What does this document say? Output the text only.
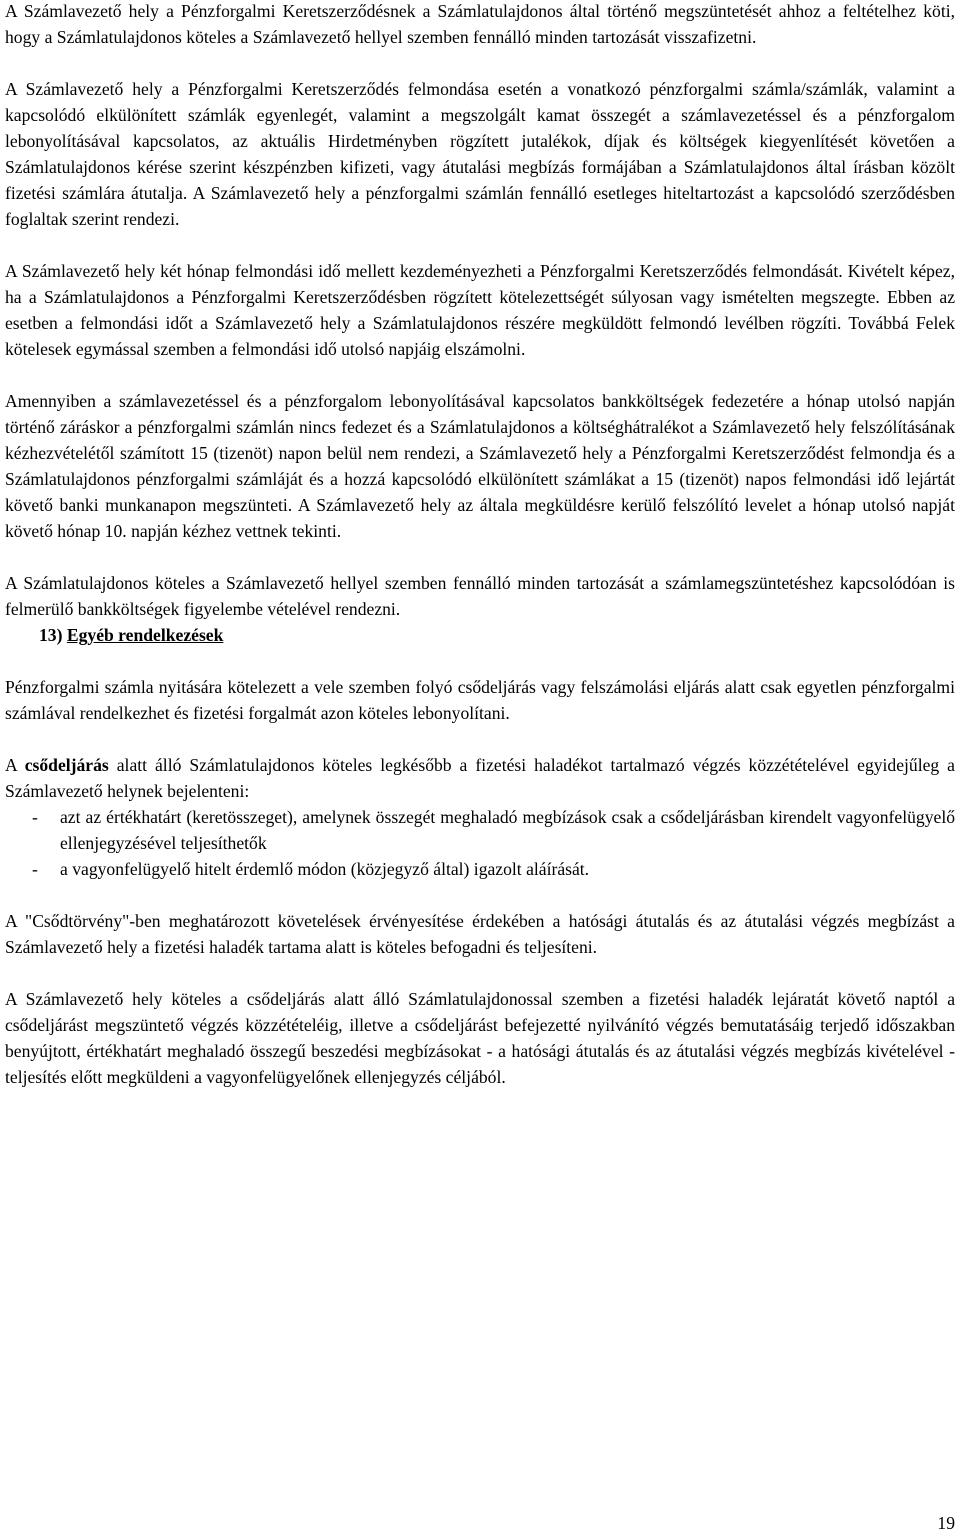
A Számlavezető hely a Pénzforgalmi Keretszerződésnek a Számlatulajdonos által történő megszüntetését ahhoz a feltételhez köti, hogy a Számlatulajdonos köteles a Számlavezető hellyel szemben fennálló minden tartozását visszafizetni.

A Számlavezető hely a Pénzforgalmi Keretszerződés felmondása esetén a vonatkozó pénzforgalmi számla/számlák, valamint a kapcsolódó elkülönített számlák egyenlegét, valamint a megszolgált kamat összegét a számlavezetéssel és a pénzforgalom lebonyolításával kapcsolatos, az aktuális Hirdetményben rögzített jutalékok, díjak és költségek kiegyenlítését követően a Számlatulajdonos kérése szerint készpénzben kifizeti, vagy átutalási megbízás formájában a Számlatulajdonos által írásban közölt fizetési számlára átutalja. A Számlavezető hely a pénzforgalmi számlán fennálló esetleges hiteltartozást a kapcsolódó szerződésben foglaltak szerint rendezi.

A Számlavezető hely két hónap felmondási idő mellett kezdeményezheti a Pénzforgalmi Keretszerződés felmondását. Kivételt képez, ha a Számlatulajdonos a Pénzforgalmi Keretszerződésben rögzített kötelezettségét súlyosan vagy ismételten megszegte. Ebben az esetben a felmondási időt a Számlavezető hely a Számlatulajdonos részére megküldött felmondó levélben rögzíti. Továbbá Felek kötelesek egymással szemben a felmondási idő utolsó napjáig elszámolni.

Amennyiben a számlavezetéssel és a pénzforgalom lebonyolításával kapcsolatos bankköltségek fedezetére a hónap utolsó napján történő záráskor a pénzforgalmi számlán nincs fedezet és a Számlatulajdonos a költséghátralékot a Számlavezető hely felszólításának kézhezvételétől számított 15 (tizenöt) napon belül nem rendezi, a Számlavezető hely a Pénzforgalmi Keretszerződést felmondja és a Számlatulajdonos pénzforgalmi számláját és a hozzá kapcsolódó elkülönített számlákat a 15 (tizenöt) napos felmondási idő lejártát követő banki munkanapon megszünteti. A Számlavezető hely az általa megküldésre kerülő felszólító levelet a hónap utolsó napját követő hónap 10. napján kézhez vettnek tekinti.

A Számlatulajdonos köteles a Számlavezető hellyel szemben fennálló minden tartozását a számlamegszüntetéshez kapcsolódóan is felmerülő bankköltségek figyelembe vételével rendezni.

13) Egyéb rendelkezések

Pénzforgalmi számla nyitására kötelezett a vele szemben folyó csődeljárás vagy felszámolási eljárás alatt csak egyetlen pénzforgalmi számlával rendelkezhet és fizetési forgalmát azon köteles lebonyolítani.

A csődeljárás alatt álló Számlatulajdonos köteles legkésőbb a fizetési haladékot tartalmazó végzés közzétételével egyidejűleg a Számlavezető helynek bejelenteni:

- azt az értékhatárt (keretösszeget), amelynek összegét meghaladó megbízások csak a csődeljárásban kirendelt vagyonfelügyelő ellenjegyzésével teljesíthetők
- a vagyonfelügyelő hitelt érdemlő módon (közjegyző által) igazolt aláírását.

A "Csődtörvény"-ben meghatározott követelések érvényesítése érdekében a hatósági átutalás és az átutalási végzés megbízást a Számlavezető hely a fizetési haladék tartama alatt is köteles befogadni és teljesíteni.

A Számlavezető hely köteles a csődeljárás alatt álló Számlatulajdonossal szemben a fizetési haladék lejáratát követő naptól a csődeljárást megszüntető végzés közzétételéig, illetve a csődeljárást befejezetté nyilvánító végzés bemutatásáig terjedő időszakban benyújtott, értékhatárt meghaladó összegű beszedési megbízásokat - a hatósági átutalás és az átutalási végzés megbízás kivételével - teljesítés előtt megküldeni a vagyonfelügyelőnek ellenjegyzés céljából.

19
